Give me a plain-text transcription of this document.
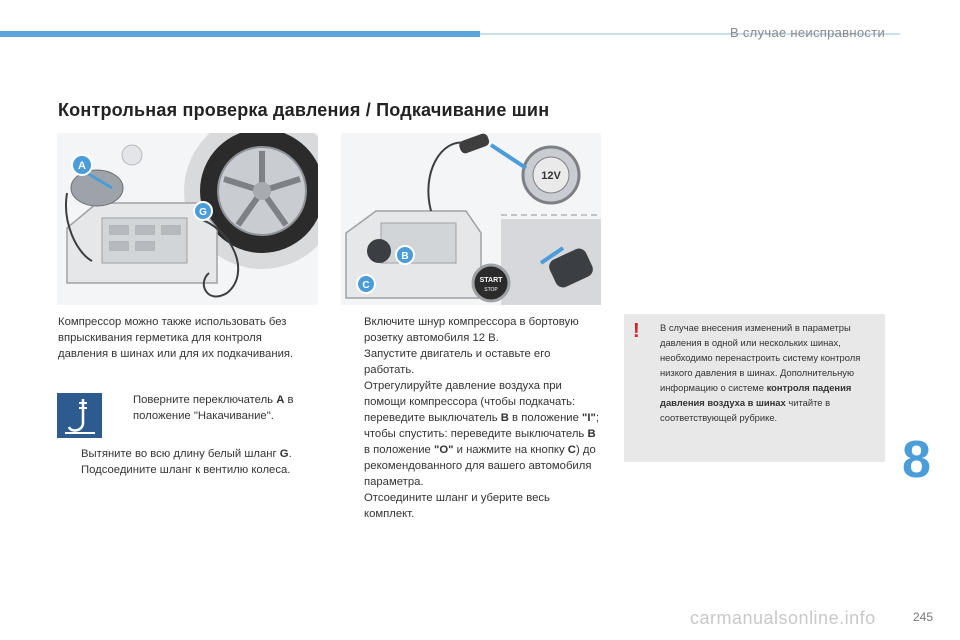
В случае неисправности
Контрольная проверка давления / Подкачивание шин
A
G
12V
START
STOP
B
C
Компрессор можно также использовать без впрыскивания герметика для контроля давления в шинах или для их подкачивания.
Поверните переключатель A в положение "Накачивание".
Вытяните во всю длину белый шланг G.
Подсоедините шланг к вентилю колеса.
Включите шнур компрессора в бортовую розетку автомобиля 12 В.
Запустите двигатель и оставьте его работать.
Отрегулируйте давление воздуха при помощи компрессора (чтобы подкачать: переведите выключатель B в положение "I"; чтобы спустить: переведите выключатель B в положение "O" и нажмите на кнопку C) до рекомендованного для вашего автомобиля параметра.
Отсоедините шланг и уберите весь комплект.
! В случае внесения изменений в параметры давления в одной или нескольких шинах, необходимо перенастроить систему контроля низкого давления в шинах. Дополнительную информацию о системе контроля падения давления воздуха в шинах читайте в соответствующей рубрике.
8
carmanualsonline.info	245
